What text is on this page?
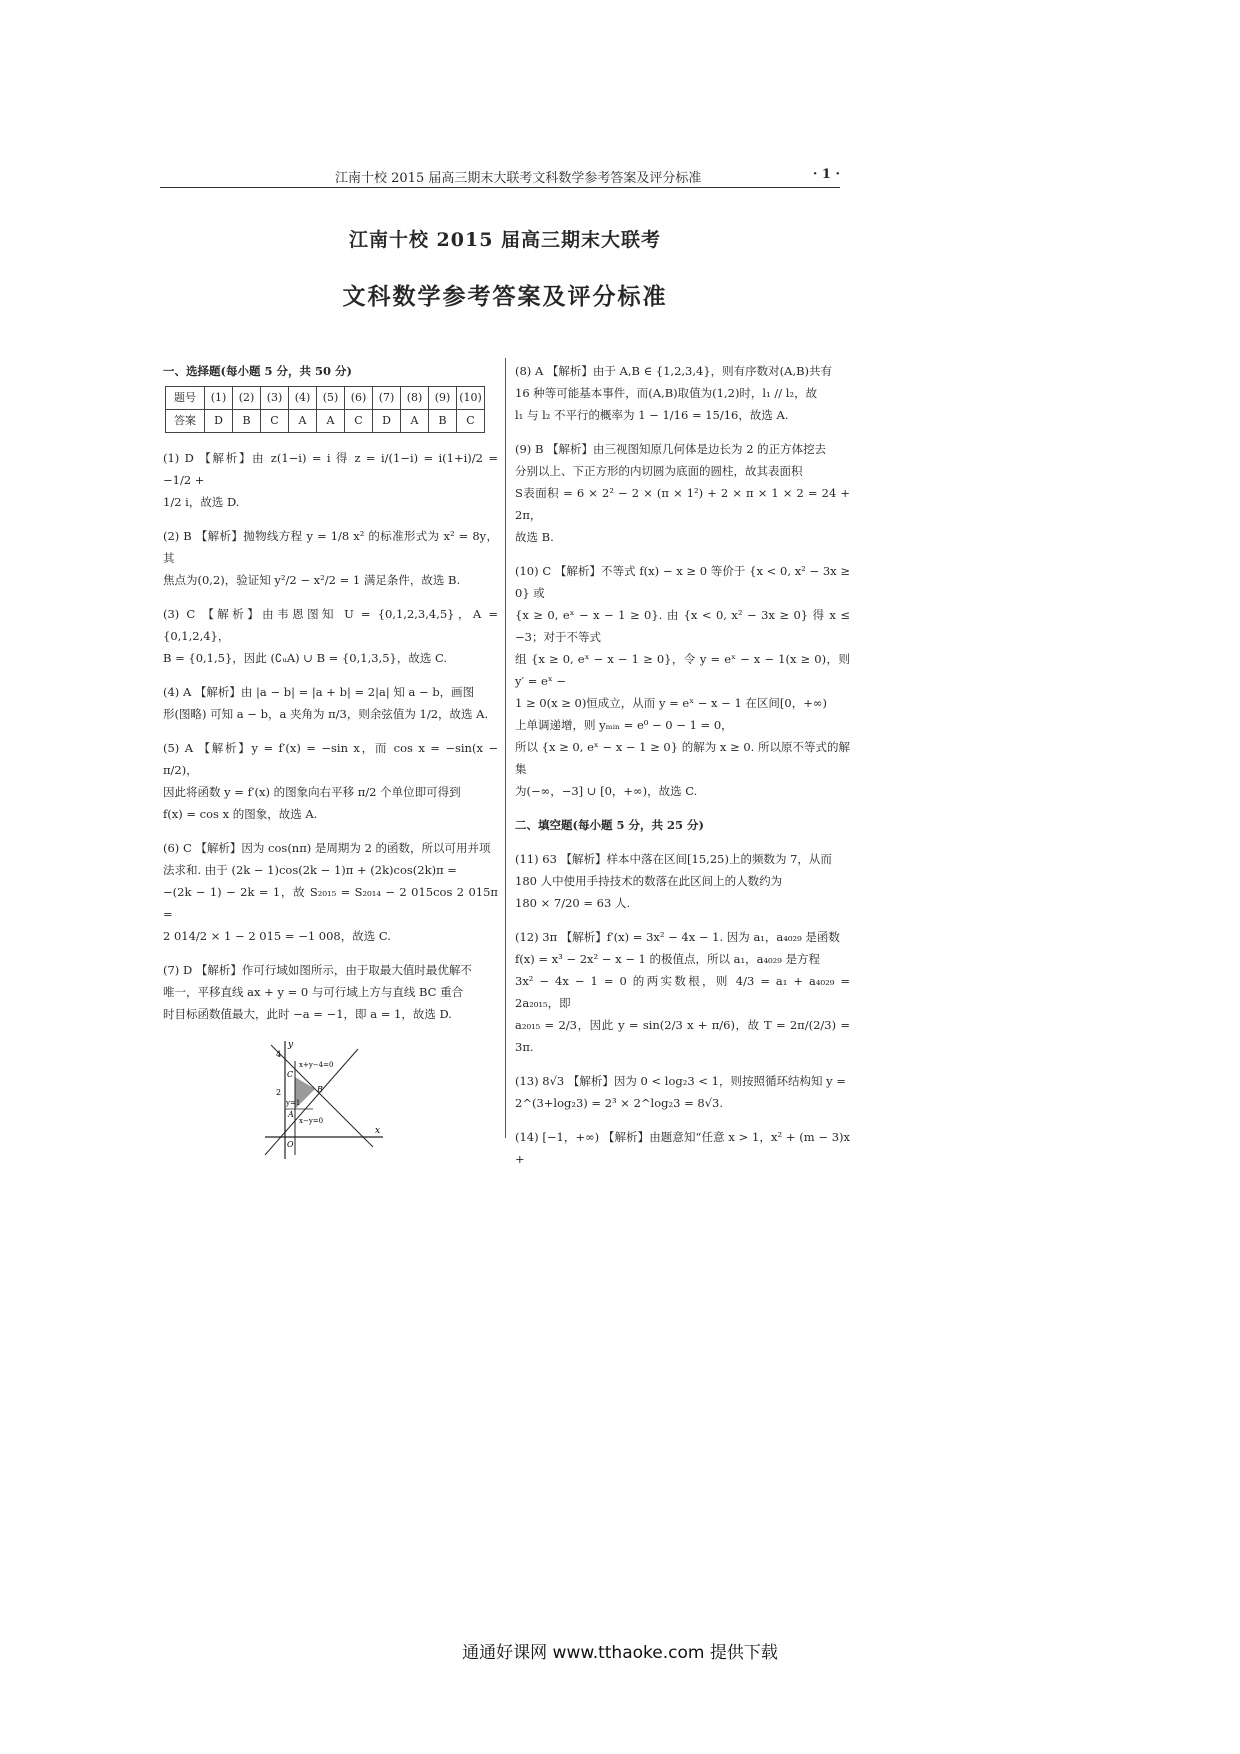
江南十校 2015 届高三期末大联考文科数学参考答案及评分标准	· 1 ·
江南十校 2015 届高三期末大联考
文科数学参考答案及评分标准
一、选择题(每小题 5 分，共 50 分)
题号	(1)	(2)	(3)	(4)	(5)	(6)	(7)	(8)	(9)	(10)
答案	D	B	C	A	A	C	D	A	B	C

(1) D 【解析】由 z(1−i) = i 得 z = i/(1−i) = i(1+i)/2 = −1/2 +

1/2 i，故选 D.

(2) B 【解析】抛物线方程 y = 1/8 x² 的标准形式为 x² = 8y，其

焦点为(0,2)，验证知 y²/2 − x²/2 = 1 满足条件，故选 B.

(3) C 【解析】由韦恩图知 U = {0,1,2,3,4,5}，A = {0,1,2,4}，

B = {0,1,5}，因此 (∁ᵤA) ∪ B = {0,1,3,5}，故选 C.

(4) A 【解析】由 |a − b| = |a + b| = 2|a| 知 a − b，画图

形(图略) 可知 a − b，a 夹角为 π/3，则余弦值为 1/2，故选 A.

(5) A 【解析】y = f′(x) = −sin x，而 cos x = −sin(x − π/2)，

因此将函数 y = f′(x) 的图象向右平移 π/2 个单位即可得到

f(x) = cos x 的图象，故选 A.

(6) C 【解析】因为 cos(nπ) 是周期为 2 的函数，所以可用并项

法求和. 由于 (2k − 1)cos(2k − 1)π + (2k)cos(2k)π =

−(2k − 1) − 2k = 1，故 S₂₀₁₅ = S₂₀₁₄ − 2 015cos 2 015π =

2 014/2 × 1 − 2 015 = −1 008，故选 C.

(7) D 【解析】作可行域如图所示，由于取最大值时最优解不

唯一，平移直线 ax + y = 0 与可行域上方与直线 BC 重合

时目标函数值最大，此时 −a = −1，即 a = 1，故选 D.

x
y
4
2
O
C
B
A
x+y−4=0
x−y=0
y=1

(8) A 【解析】由于 A,B ∈ {1,2,3,4}，则有序数对(A,B)共有

16 种等可能基本事件，而(A,B)取值为(1,2)时，l₁ // l₂，故

l₁ 与 l₂ 不平行的概率为 1 − 1/16 = 15/16，故选 A.

(9) B 【解析】由三视图知原几何体是边长为 2 的正方体挖去

分别以上、下正方形的内切圆为底面的圆柱，故其表面积

S表面积 = 6 × 2² − 2 × (π × 1²) + 2 × π × 1 × 2 = 24 + 2π，

故选 B.

(10) C 【解析】不等式 f(x) − x ≥ 0 等价于 {x < 0, x² − 3x ≥ 0} 或

{x ≥ 0, eˣ − x − 1 ≥ 0}. 由 {x < 0, x² − 3x ≥ 0} 得 x ≤ −3；对于不等式

组 {x ≥ 0, eˣ − x − 1 ≥ 0}，令 y = eˣ − x − 1(x ≥ 0)，则 y′ = eˣ −

1 ≥ 0(x ≥ 0)恒成立，从而 y = eˣ − x − 1 在区间[0，+∞)

上单调递增，则 yₘᵢₙ = e⁰ − 0 − 1 = 0，

所以 {x ≥ 0, eˣ − x − 1 ≥ 0} 的解为 x ≥ 0. 所以原不等式的解集

为(−∞，−3] ∪ [0，+∞)，故选 C.

二、填空题(每小题 5 分，共 25 分)

(11) 63 【解析】样本中落在区间[15,25)上的频数为 7，从而

180 人中使用手持技术的数落在此区间上的人数约为

180 × 7/20 = 63 人.

(12) 3π 【解析】f′(x) = 3x² − 4x − 1. 因为 a₁，a₄₀₂₉ 是函数

f(x) = x³ − 2x² − x − 1 的极值点，所以 a₁，a₄₀₂₉ 是方程

3x² − 4x − 1 = 0 的两实数根，则 4/3 = a₁ + a₄₀₂₉ = 2a₂₀₁₅，即

a₂₀₁₅ = 2/3，因此 y = sin(2/3 x + π/6)，故 T = 2π/(2/3) = 3π.

(13) 8√3 【解析】因为 0 < log₂3 < 1，则按照循环结构知 y =

2^(3+log₂3) = 2³ × 2^log₂3 = 8√3.

(14) [−1，+∞) 【解析】由题意知“任意 x > 1，x² + (m − 3)x +

通通好课网 www.tthaoke.com 提供下载
